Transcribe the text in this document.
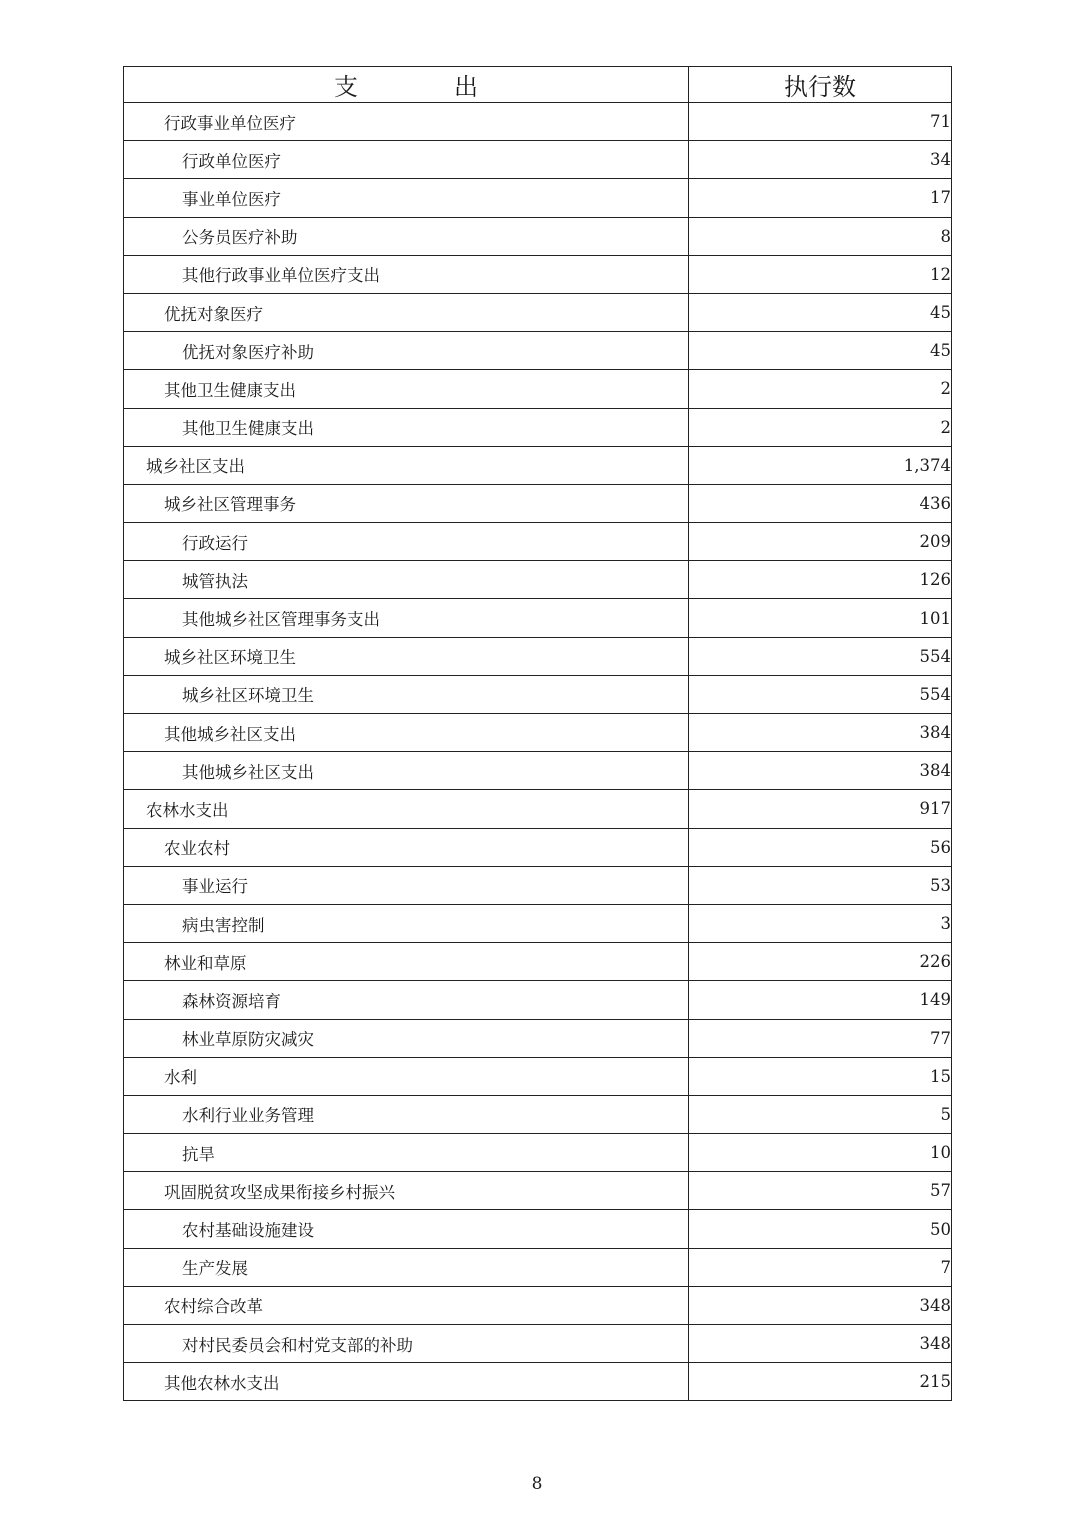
支出	执行数
行政事业单位医疗	71
行政单位医疗	34
事业单位医疗	17
公务员医疗补助	8
其他行政事业单位医疗支出	12
优抚对象医疗	45
优抚对象医疗补助	45
其他卫生健康支出	2
其他卫生健康支出	2
城乡社区支出	1,374
城乡社区管理事务	436
行政运行	209
城管执法	126
其他城乡社区管理事务支出	101
城乡社区环境卫生	554
城乡社区环境卫生	554
其他城乡社区支出	384
其他城乡社区支出	384
农林水支出	917
农业农村	56
事业运行	53
病虫害控制	3
林业和草原	226
森林资源培育	149
林业草原防灾减灾	77
水利	15
水利行业业务管理	5
抗旱	10
巩固脱贫攻坚成果衔接乡村振兴	57
农村基础设施建设	50
生产发展	7
农村综合改革	348
对村民委员会和村党支部的补助	348
其他农林水支出	215
8
